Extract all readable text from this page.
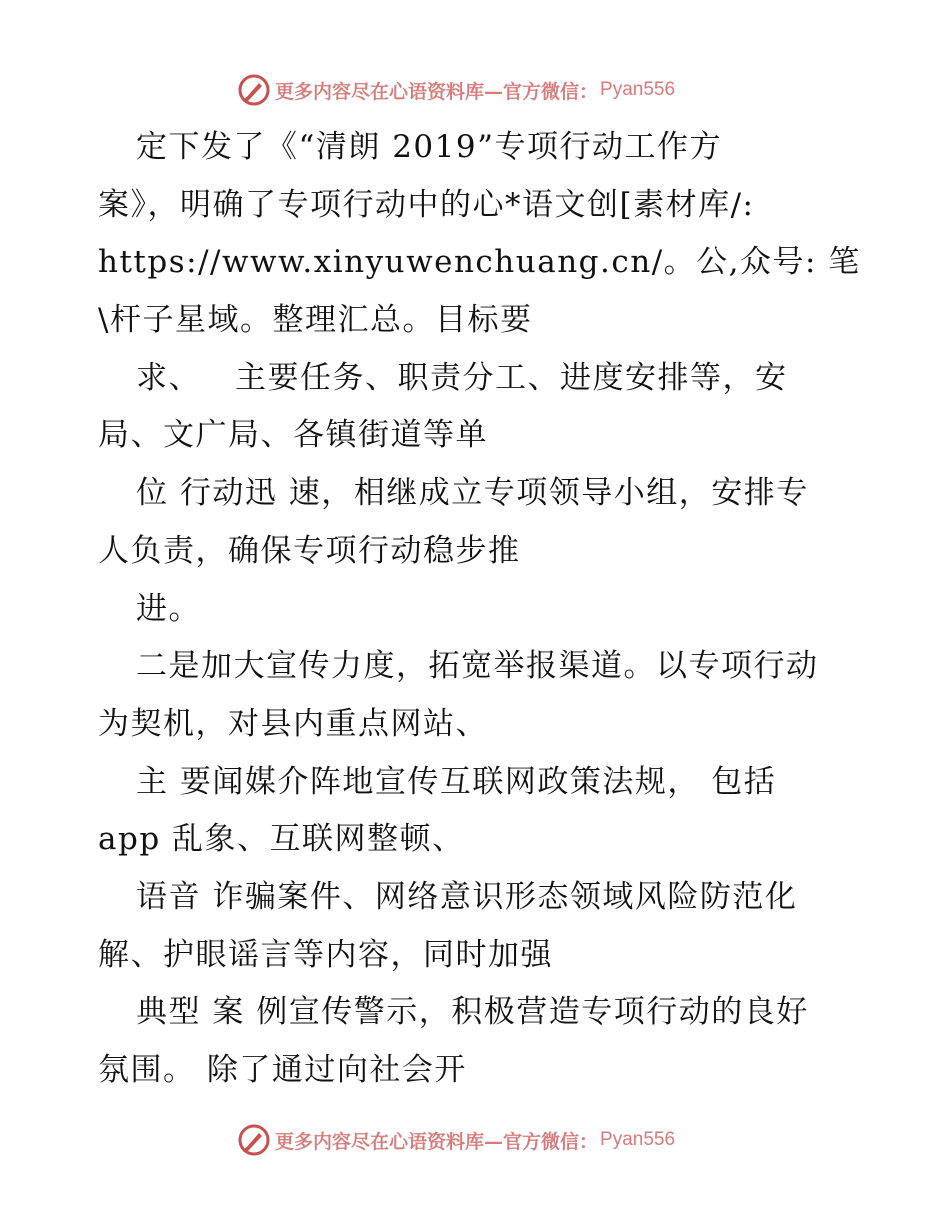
更多内容尽在心语资料库—官方微信： Pyan556
定下发了《“清朗 2019”专项行动工作方
案》，明确了专项行动中的心*语文创[素材库/:
https://www.xinyuwenchuang.cn/。公,众号: 笔
\杆子星域。整理汇总。目标要
求、   主要任务、职责分工、进度安排等，安
局、文广局、各镇街道等单
位 行动迅 速，相继成立专项领导小组，安排专
人负责，确保专项行动稳步推
进。
二是加大宣传力度，拓宽举报渠道。以专项行动
为契机，对县内重点网站、
主 要闻媒介阵地宣传互联网政策法规， 包括
app 乱象、互联网整顿、
语音 诈骗案件、网络意识形态领域风险防范化
解、护眼谣言等内容，同时加强
典型 案 例宣传警示，积极营造专项行动的良好
氛围。 除了通过向社会开
更多内容尽在心语资料库—官方微信： Pyan556
